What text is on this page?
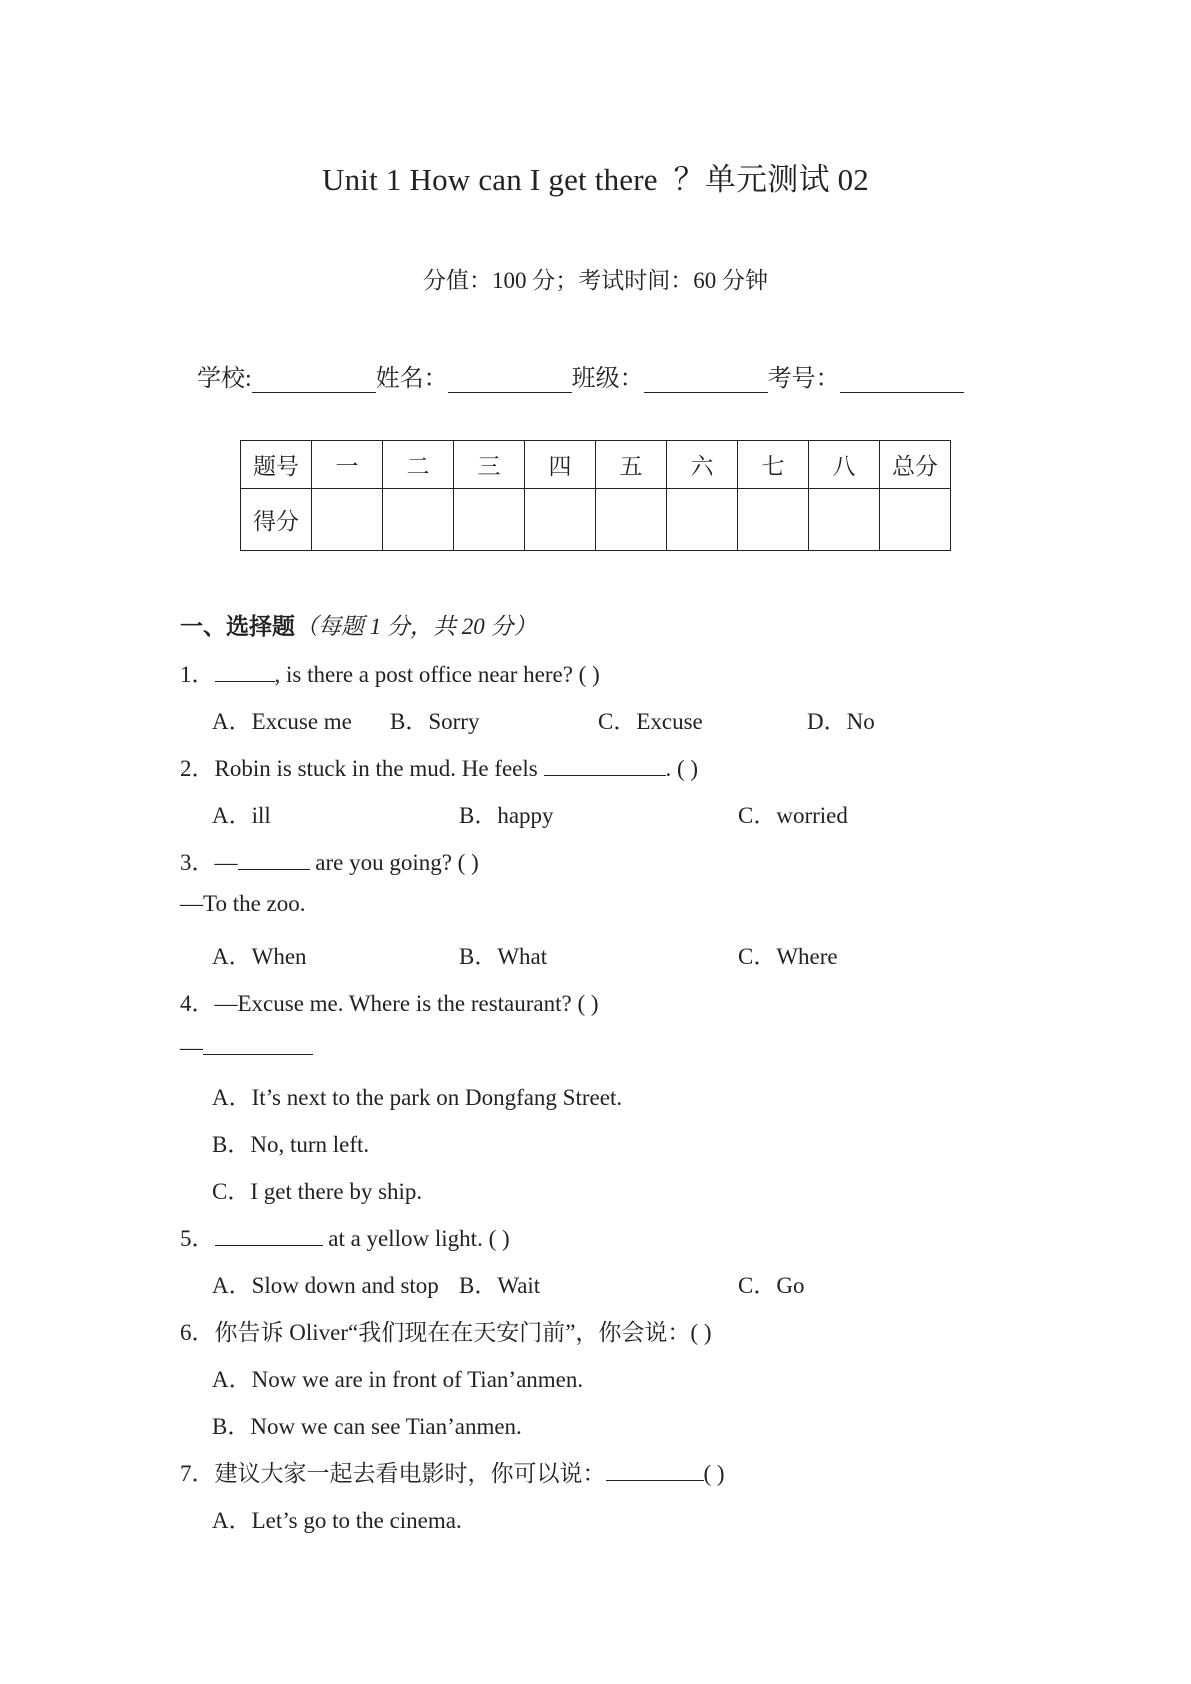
Unit 1 How can I get there  ？单元测试 02
分值：100 分；考试时间：60 分钟
学校:	姓名：	班级：	考号：
题号	一	二	三	四	五	六	七	八	总分
得分									
一、选择题（每题 1 分，共 20 分）
1．	, is there a post office near here? ( )
A．Excuse me B．Sorry	C．Excuse	D．No
2．Robin is stuck in the mud. He feels	. ( )
A．ill	B．happy	C．worried
3．—	are you going? ( )
—To the zoo.
A．When	B．What	C．Where
4．—Excuse me. Where is the restaurant? ( )
—
A．It’s next to the park on Dongfang Street.
B．No, turn left.
C．I get there by ship.
5．	at a yellow light. ( )
A．Slow down and stop B．Wait	C．Go
6．你告诉 Oliver“我们现在在天安门前”，你会说：( )
A．Now we are in front of Tian’anmen.
B．Now we can see Tian’anmen.
7．建议大家一起去看电影时，你可以说：	( )
A．Let’s go to the cinema.
